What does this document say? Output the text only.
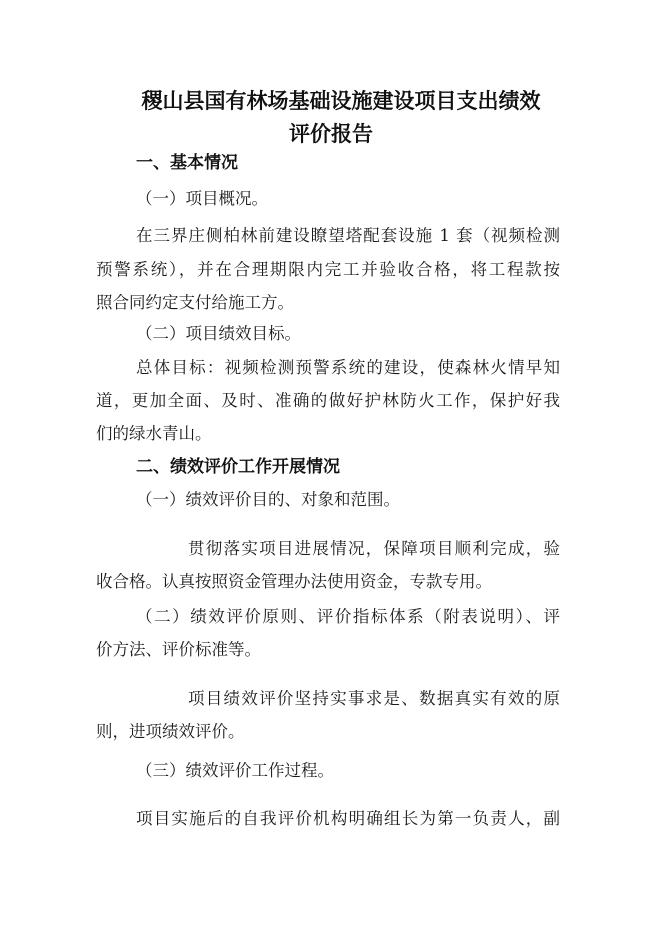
稷山县国有林场基础设施建设项目支出绩效
评价报告
一、基本情况
（一）项目概况。
在三界庄侧柏林前建设瞭望塔配套设施 1 套（视频检测
预警系统），并在合理期限内完工并验收合格，将工程款按
照合同约定支付给施工方。
（二）项目绩效目标。
总体目标：视频检测预警系统的建设，使森林火情早知
道，更加全面、及时、准确的做好护林防火工作，保护好我
们的绿水青山。
二、绩效评价工作开展情况
（一）绩效评价目的、对象和范围。
贯彻落实项目进展情况，保障项目顺利完成，验
收合格。认真按照资金管理办法使用资金，专款专用。
（二）绩效评价原则、评价指标体系（附表说明）、评
价方法、评价标准等。
项目绩效评价坚持实事求是、数据真实有效的原
则，进项绩效评价。
（三）绩效评价工作过程。
项目实施后的自我评价机构明确组长为第一负责人，副
